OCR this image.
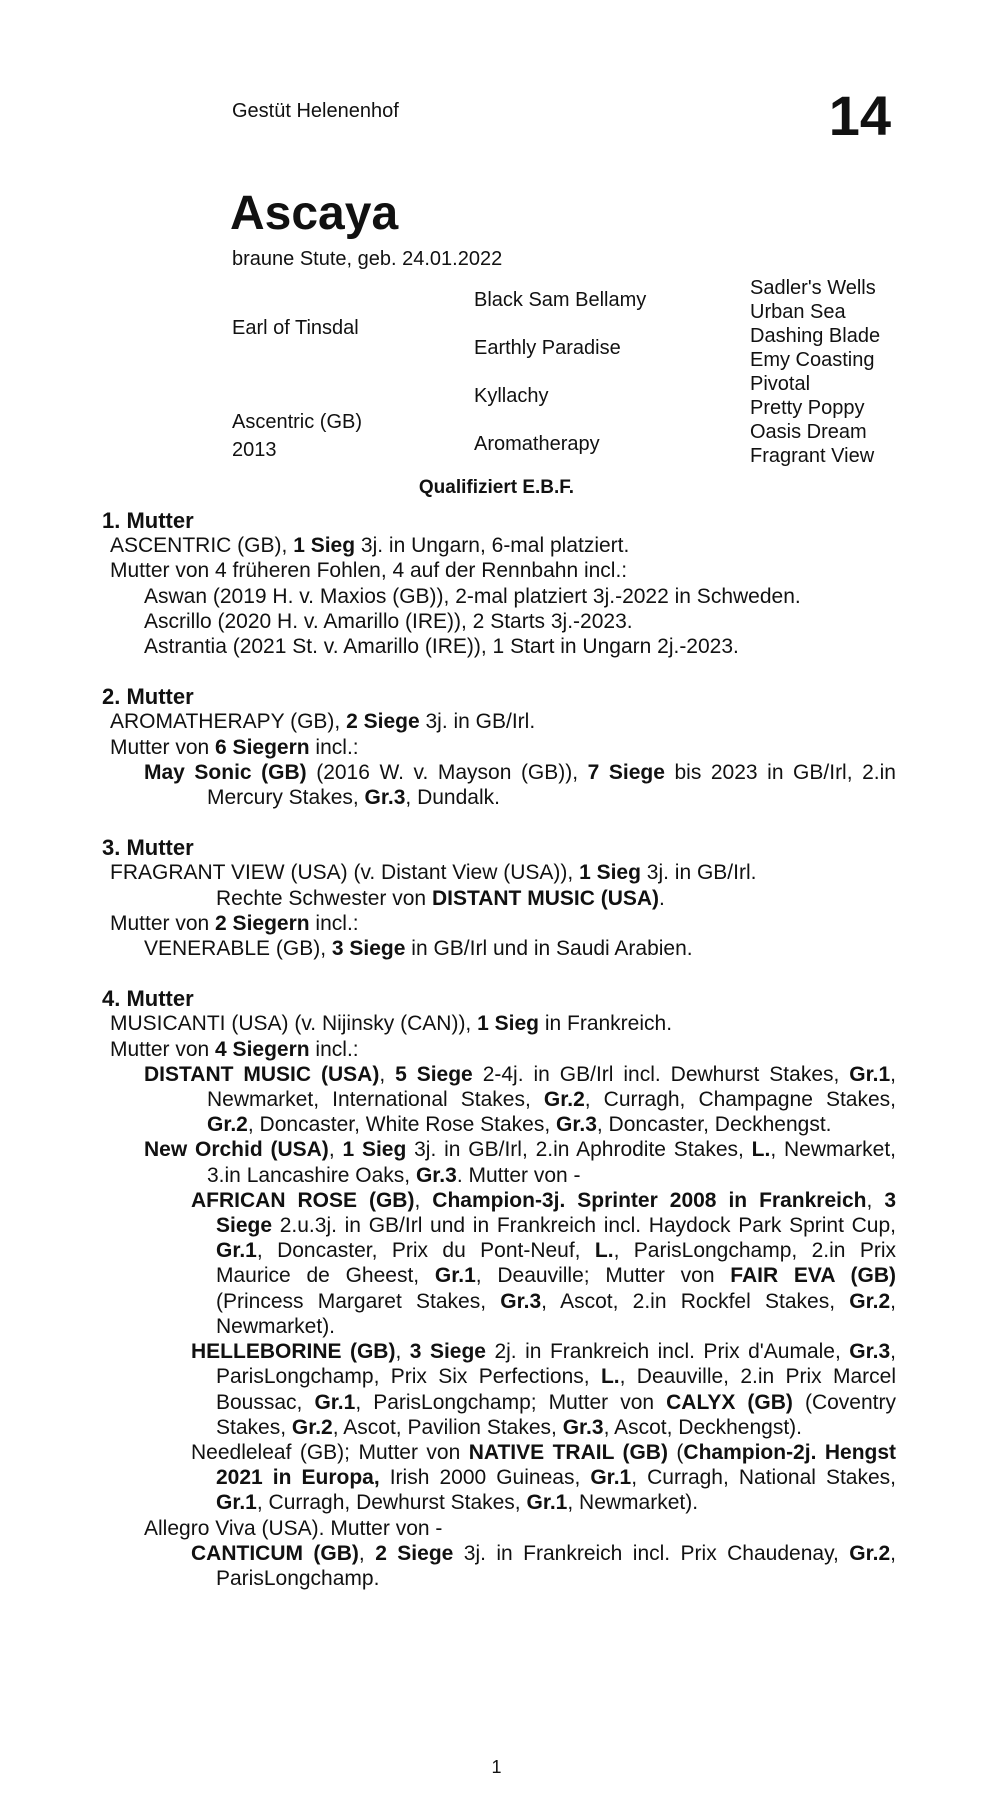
Gestüt Helenenhof	14
Ascaya
braune Stute, geb. 24.01.2022
Earl of Tinsdal
Ascentric (GB)
2013
Black Sam Bellamy
Earthly Paradise
Kyllachy
Aromatherapy
Sadler's Wells
Urban Sea
Dashing Blade
Emy Coasting
Pivotal
Pretty Poppy
Oasis Dream
Fragrant View
Qualifiziert E.B.F.

1. Mutter

ASCENTRIC (GB), 1 Sieg 3j. in Ungarn, 6-mal platziert.

Mutter von 4 früheren Fohlen, 4 auf der Rennbahn incl.:

Aswan (2019 H. v. Maxios (GB)), 2-mal platziert 3j.-2022 in Schweden.

Ascrillo (2020 H. v. Amarillo (IRE)), 2 Starts 3j.-2023.

Astrantia (2021 St. v. Amarillo (IRE)), 1 Start in Ungarn 2j.-2023.

2. Mutter

AROMATHERAPY (GB), 2 Siege 3j. in GB/Irl.

Mutter von 6 Siegern incl.:

May Sonic (GB) (2016 W. v. Mayson (GB)), 7 Siege bis 2023 in GB/Irl, 2.in Mercury Stakes, Gr.3, Dundalk.

3. Mutter

FRAGRANT VIEW (USA) (v. Distant View (USA)), 1 Sieg 3j. in GB/Irl.

Rechte Schwester von DISTANT MUSIC (USA).

Mutter von 2 Siegern incl.:

VENERABLE (GB), 3 Siege in GB/Irl und in Saudi Arabien.

4. Mutter

MUSICANTI (USA) (v. Nijinsky (CAN)), 1 Sieg in Frankreich.

Mutter von 4 Siegern incl.:

DISTANT MUSIC (USA), 5 Siege 2-4j. in GB/Irl incl. Dewhurst Stakes, Gr.1, Newmarket, International Stakes, Gr.2, Curragh, Champagne Stakes, Gr.2, Doncaster, White Rose Stakes, Gr.3, Doncaster, Deckhengst.

New Orchid (USA), 1 Sieg 3j. in GB/Irl, 2.in Aphrodite Stakes, L., Newmarket, 3.in Lancashire Oaks, Gr.3. Mutter von -

AFRICAN ROSE (GB), Champion-3j. Sprinter 2008 in Frankreich, 3 Siege 2.u.3j. in GB/Irl und in Frankreich incl. Haydock Park Sprint Cup, Gr.1, Doncaster, Prix du Pont-Neuf, L., ParisLongchamp, 2.in Prix Maurice de Gheest, Gr.1, Deauville; Mutter von FAIR EVA (GB) (Princess Margaret Stakes, Gr.3, Ascot, 2.in Rockfel Stakes, Gr.2, Newmarket).

HELLEBORINE (GB), 3 Siege 2j. in Frankreich incl. Prix d'Aumale, Gr.3, ParisLongchamp, Prix Six Perfections, L., Deauville, 2.in Prix Marcel Boussac, Gr.1, ParisLongchamp; Mutter von CALYX (GB) (Coventry Stakes, Gr.2, Ascot, Pavilion Stakes, Gr.3, Ascot, Deckhengst).

Needleleaf (GB); Mutter von NATIVE TRAIL (GB) (Champion-2j. Hengst 2021 in Europa, Irish 2000 Guineas, Gr.1, Curragh, National Stakes, Gr.1, Curragh, Dewhurst Stakes, Gr.1, Newmarket).

Allegro Viva (USA). Mutter von -

CANTICUM (GB), 2 Siege 3j. in Frankreich incl. Prix Chaudenay, Gr.2, ParisLongchamp.

1
